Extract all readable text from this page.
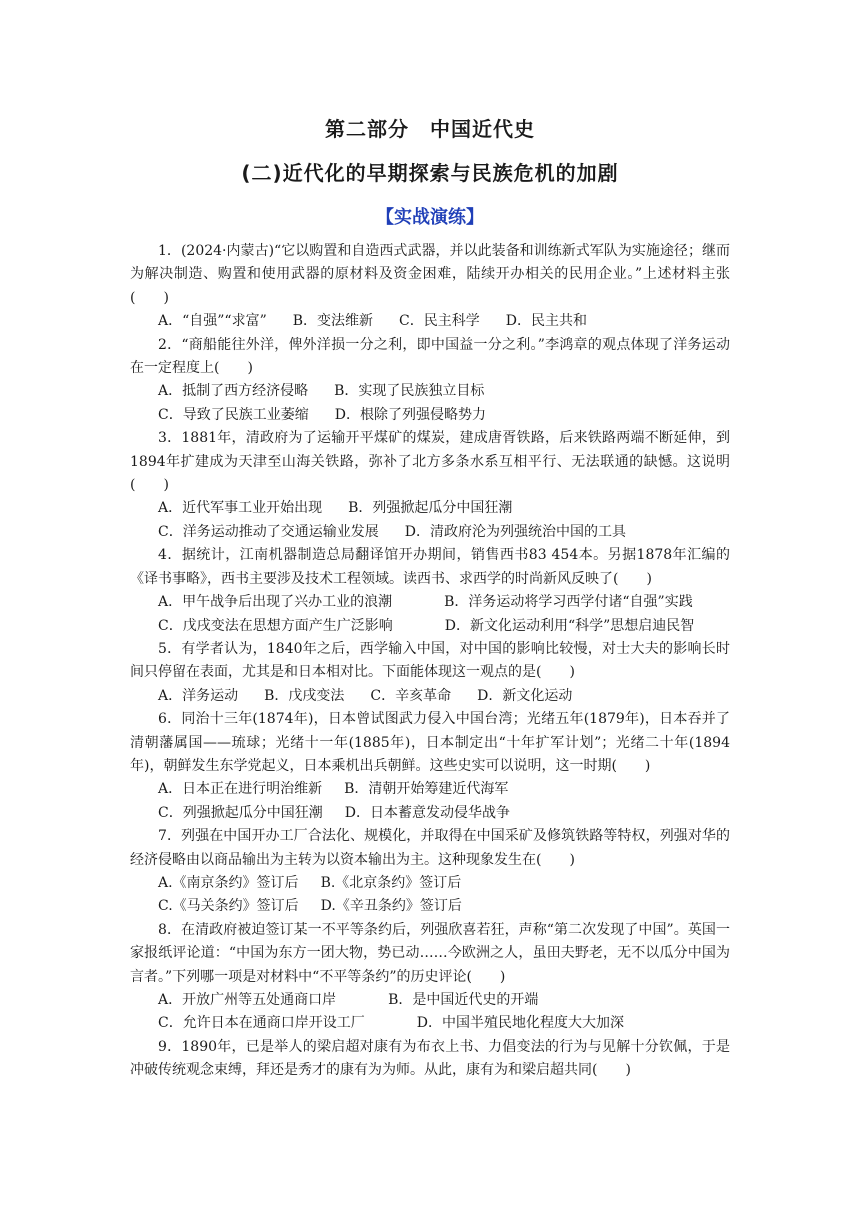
第二部分　中国近代史
(二)近代化的早期探索与民族危机的加剧
【实战演练】

1．(2024·内蒙古)“它以购置和自造西式武器，并以此装备和训练新式军队为实施途径；继而为解决制造、购置和使用武器的原材料及资金困难，陆续开办相关的民用企业。”上述材料主张(　　)

A．“自强”“求富” B．变法维新 C．民主科学 D．民主共和

2．“商船能往外洋，俾外洋损一分之利，即中国益一分之利。”李鸿章的观点体现了洋务运动在一定程度上(　　)

A．抵制了西方经济侵略 B．实现了民族独立目标

C．导致了民族工业萎缩 D．根除了列强侵略势力

3．1881年，清政府为了运输开平煤矿的煤炭，建成唐胥铁路，后来铁路两端不断延伸，到1894年扩建成为天津至山海关铁路，弥补了北方多条水系互相平行、无法联通的缺憾。这说明(　　)

A．近代军事工业开始出现 B．列强掀起瓜分中国狂潮

C．洋务运动推动了交通运输业发展 D．清政府沦为列强统治中国的工具

4．据统计，江南机器制造总局翻译馆开办期间，销售西书83 454本。另据1878年汇编的《译书事略》，西书主要涉及技术工程领域。读西书、求西学的时尚新风反映了(　　)

A．甲午战争后出现了兴办工业的浪潮	B．洋务运动将学习西学付诸“自强”实践

C．戊戌变法在思想方面产生广泛影响	D．新文化运动利用“科学”思想启迪民智

5．有学者认为，1840年之后，西学输入中国，对中国的影响比较慢，对士大夫的影响长时间只停留在表面，尤其是和日本相对比。下面能体现这一观点的是(　　)

A．洋务运动 B．戊戌变法 C．辛亥革命 D．新文化运动

6．同治十三年(1874年)，日本曾试图武力侵入中国台湾；光绪五年(1879年)，日本吞并了清朝藩属国——琉球；光绪十一年(1885年)，日本制定出“十年扩军计划”；光绪二十年(1894年)，朝鲜发生东学党起义，日本乘机出兵朝鲜。这些史实可以说明，这一时期(　　)

A．日本正在进行明治维新 B．清朝开始筹建近代海军

C．列强掀起瓜分中国狂潮 D．日本蓄意发动侵华战争

7．列强在中国开办工厂合法化、规模化，并取得在中国采矿及修筑铁路等特权，列强对华的经济侵略由以商品输出为主转为以资本输出为主。这种现象发生在(　　)

A.《南京条约》签订后 B.《北京条约》签订后

C.《马关条约》签订后 D.《辛丑条约》签订后

8．在清政府被迫签订某一不平等条约后，列强欣喜若狂，声称“第二次发现了中国”。英国一家报纸评论道：“中国为东方一团大物，势已动……今欧洲之人，虽田夫野老，无不以瓜分中国为言者。”下列哪一项是对材料中“不平等条约”的历史评论(　　)

A．开放广州等五处通商口岸	B．是中国近代史的开端

C．允许日本在通商口岸开设工厂	D．中国半殖民地化程度大大加深

9．1890年，已是举人的梁启超对康有为布衣上书、力倡变法的行为与见解十分钦佩，于是冲破传统观念束缚，拜还是秀才的康有为为师。从此，康有为和梁启超共同(　　)
